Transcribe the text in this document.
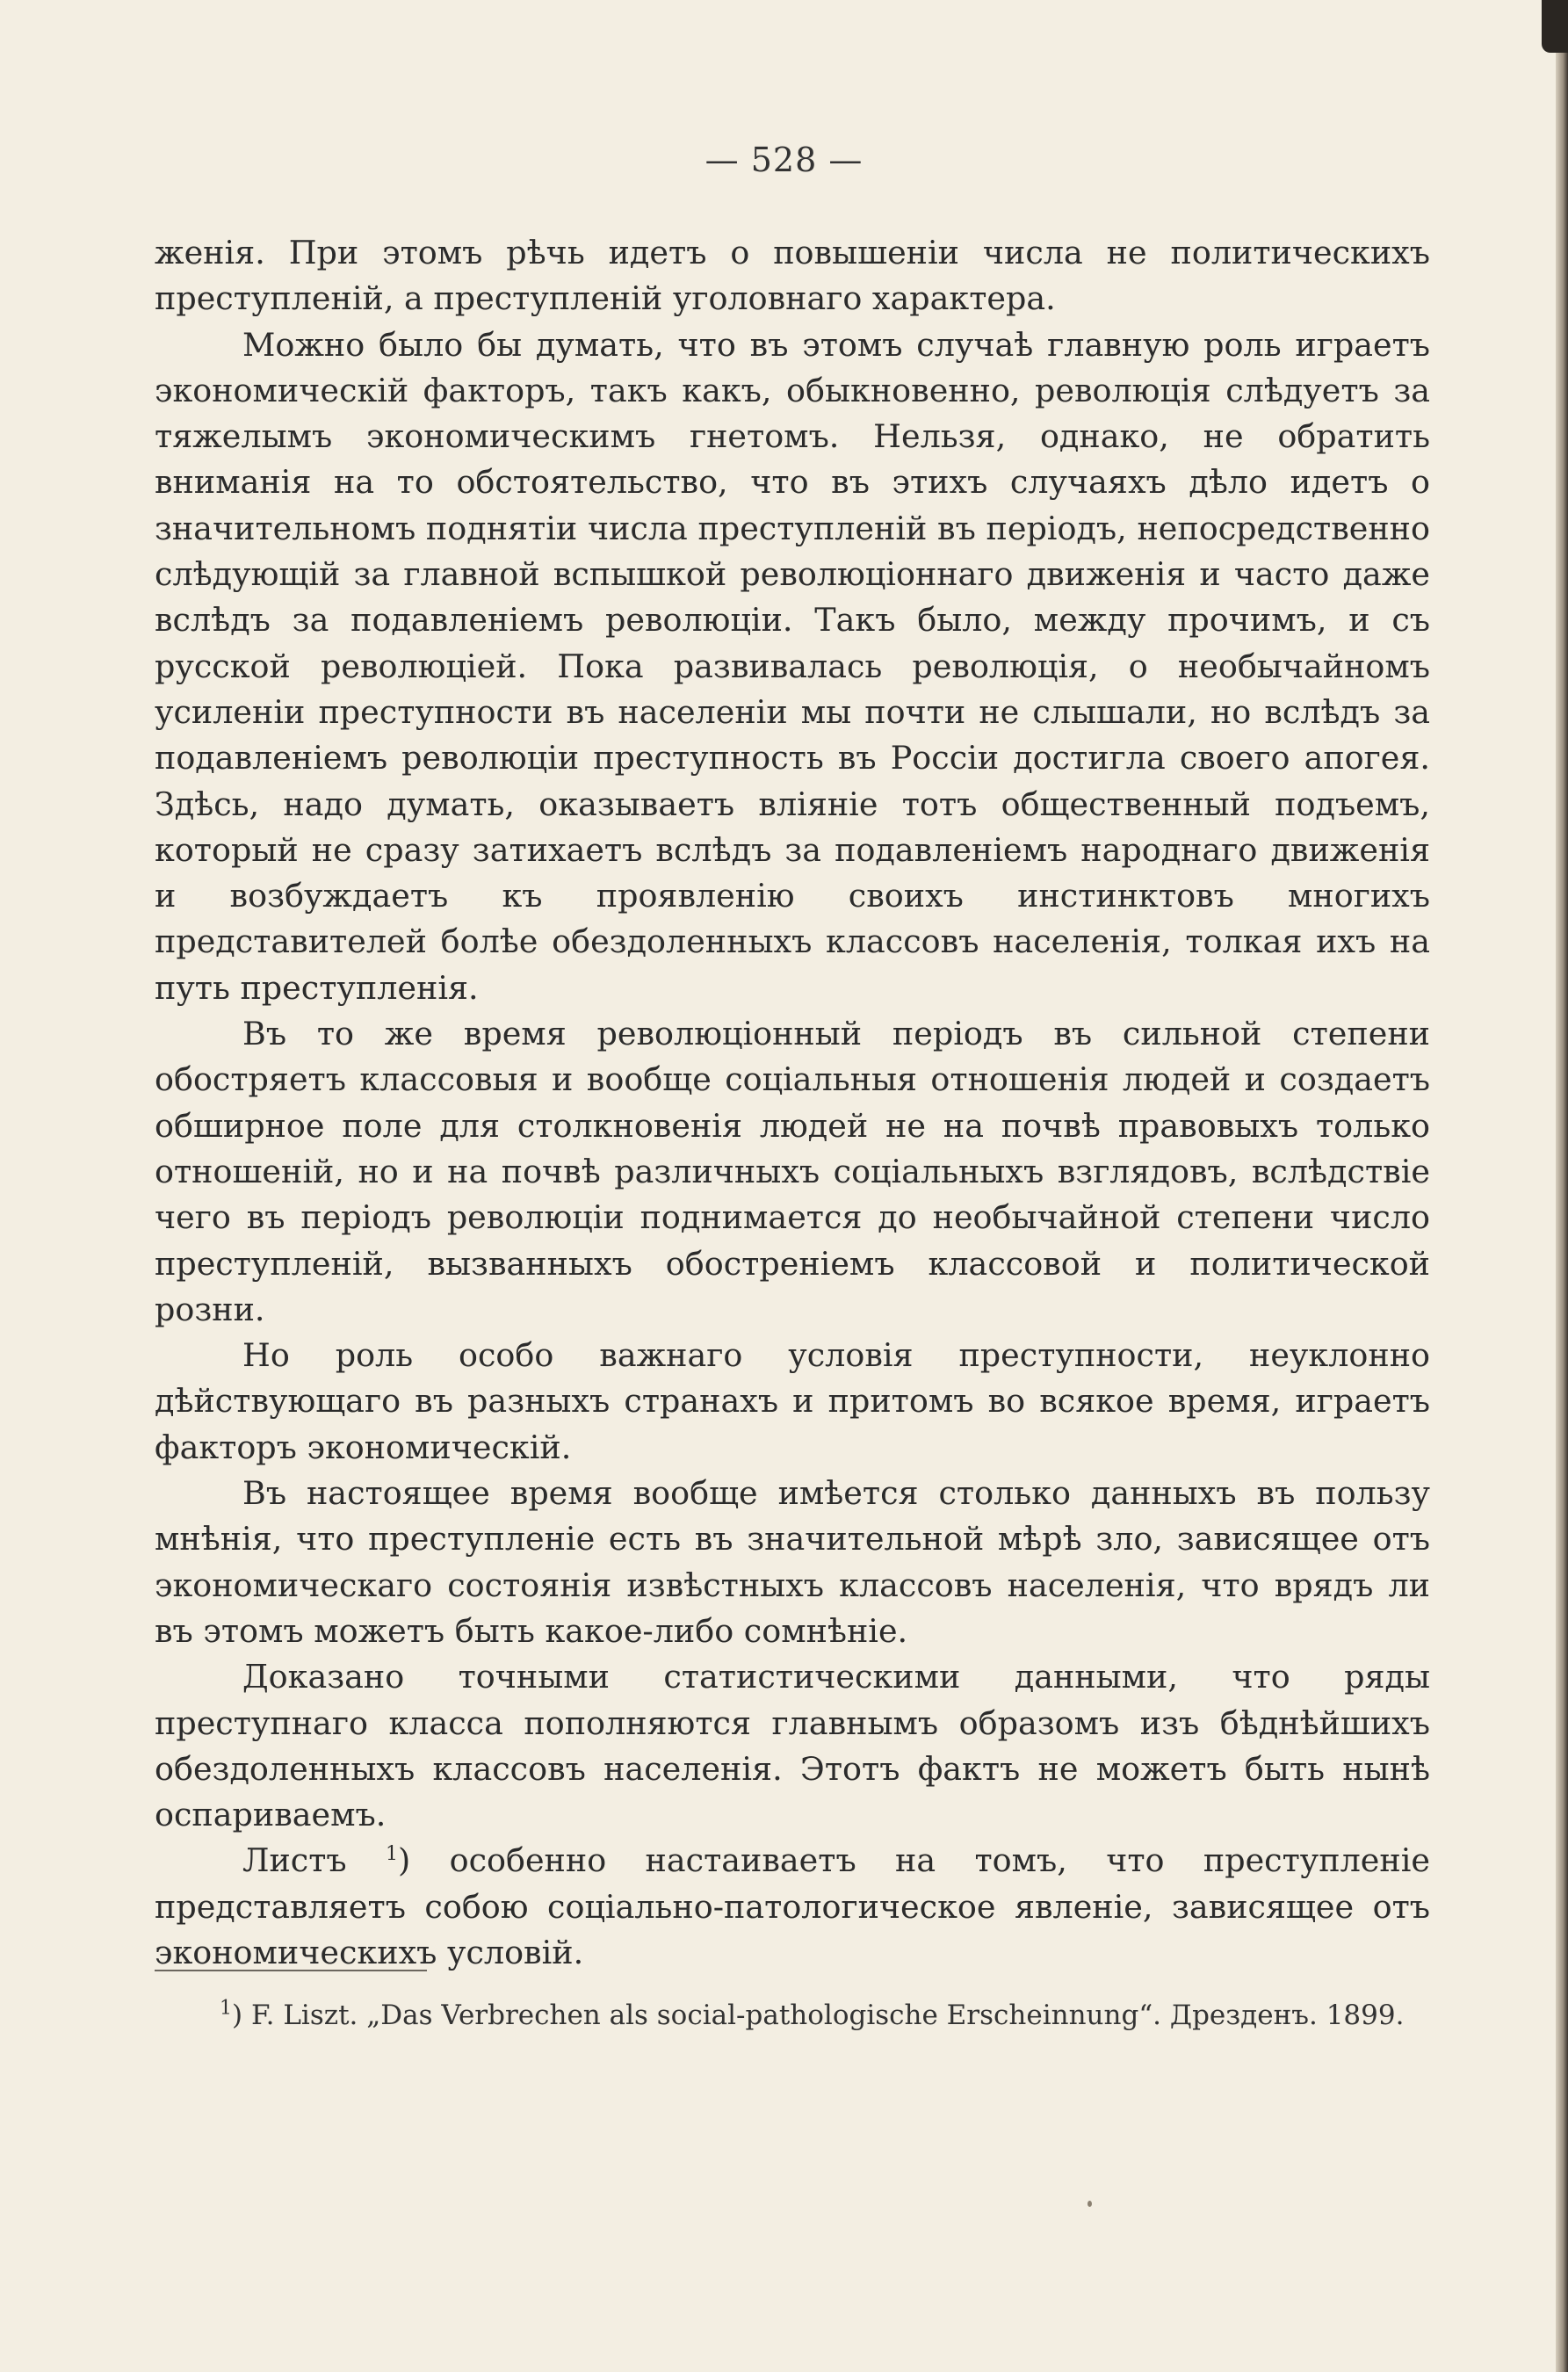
— 528 —

женія. При этомъ рѣчь идетъ о повышеніи числа не политическихъ преступленій, а преступленій уголовнаго характера.

Можно было бы думать, что въ этомъ случаѣ главную роль играетъ экономическій факторъ, такъ какъ, обыкновенно, революція слѣдуетъ за тяжелымъ экономическимъ гнетомъ. Нельзя, однако, не обратить вниманія на то обстоятельство, что въ этихъ случаяхъ дѣло идетъ о значительномъ поднятіи числа преступленій въ періодъ, непосредственно слѣдующій за главной вспышкой революціоннаго движенія и часто даже вслѣдъ за подавленіемъ революціи. Такъ было, между прочимъ, и съ русской революціей. Пока развивалась революція, о необычайномъ усиленіи преступности въ населеніи мы почти не слышали, но вслѣдъ за подавленіемъ революціи преступность въ Россіи достигла своего апогея. Здѣсь, надо думать, оказываетъ вліяніе тотъ общественный подъемъ, который не сразу затихаетъ вслѣдъ за подавленіемъ народнаго движенія и возбуждаетъ къ проявленію своихъ инстинктовъ многихъ представителей болѣе обездоленныхъ классовъ населенія, толкая ихъ на путь преступленія.

Въ то же время революціонный періодъ въ сильной степени обостряетъ классовыя и вообще соціальныя отношенія людей и создаетъ обширное поле для столкновенія людей не на почвѣ правовыхъ только отношеній, но и на почвѣ различныхъ соціальныхъ взглядовъ, вслѣдствіе чего въ періодъ революціи поднимается до необычайной степени число преступленій, вызванныхъ обостреніемъ классовой и политической розни.

Но роль особо важнаго условія преступности, неуклонно дѣйствующаго въ разныхъ странахъ и притомъ во всякое время, играетъ факторъ экономическій.

Въ настоящее время вообще имѣется столько данныхъ въ пользу мнѣнія, что преступленіе есть въ значительной мѣрѣ зло, зависящее отъ экономическаго состоянія извѣстныхъ классовъ населенія, что врядъ ли въ этомъ можетъ быть какое-либо сомнѣніе.

Доказано точными статистическими данными, что ряды преступнаго класса пополняются главнымъ образомъ изъ бѣднѣйшихъ обездоленныхъ классовъ населенія. Этотъ фактъ не можетъ быть нынѣ оспариваемъ.

Листъ $^1$) особенно настаиваетъ на томъ, что преступленіе представляетъ собою соціально-патологическое явленіе, зависящее отъ экономическихъ условій.

$^1$) F. Liszt. „Das Verbrechen als social-pathologische Erscheinnung“. Дрезденъ. 1899.
